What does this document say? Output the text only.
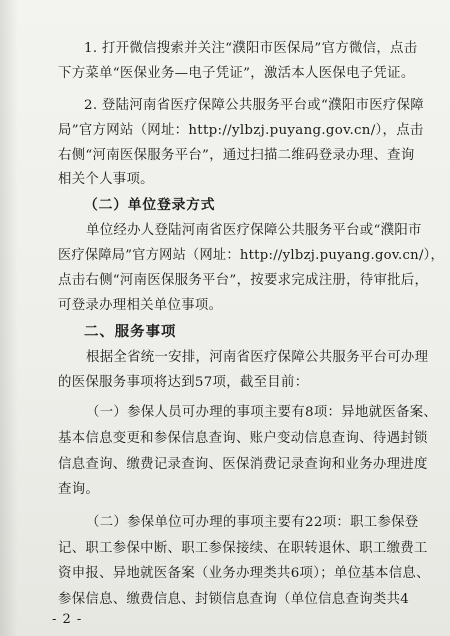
1. 打开微信搜索并关注“濮阳市医保局”官方微信，点击
下方菜单“医保业务—电子凭证”，激活本人医保电子凭证。
2. 登陆河南省医疗保障公共服务平台或“濮阳市医疗保障
局”官方网站（网址：http://ylbzj.puyang.gov.cn/），点击
右侧“河南医保服务平台”，通过扫描二维码登录办理、查询
相关个人事项。
（二）单位登录方式
单位经办人登陆河南省医疗保障公共服务平台或“濮阳市
医疗保障局”官方网站（网址：http://ylbzj.puyang.gov.cn/），
点击右侧“河南医保服务平台”，按要求完成注册，待审批后，
可登录办理相关单位事项。
二、服务事项
根据全省统一安排，河南省医疗保障公共服务平台可办理
的医保服务事项将达到57项，截至目前：
（一）参保人员可办理的事项主要有8项：异地就医备案、
基本信息变更和参保信息查询、账户变动信息查询、待遇封锁
信息查询、缴费记录查询、医保消费记录查询和业务办理进度
查询。
（二）参保单位可办理的事项主要有22项：职工参保登
记、职工参保中断、职工参保接续、在职转退休、职工缴费工
资申报、异地就医备案（业务办理类共6项）；单位基本信息、
参保信息、缴费信息、封锁信息查询（单位信息查询类共4
- 2 -
